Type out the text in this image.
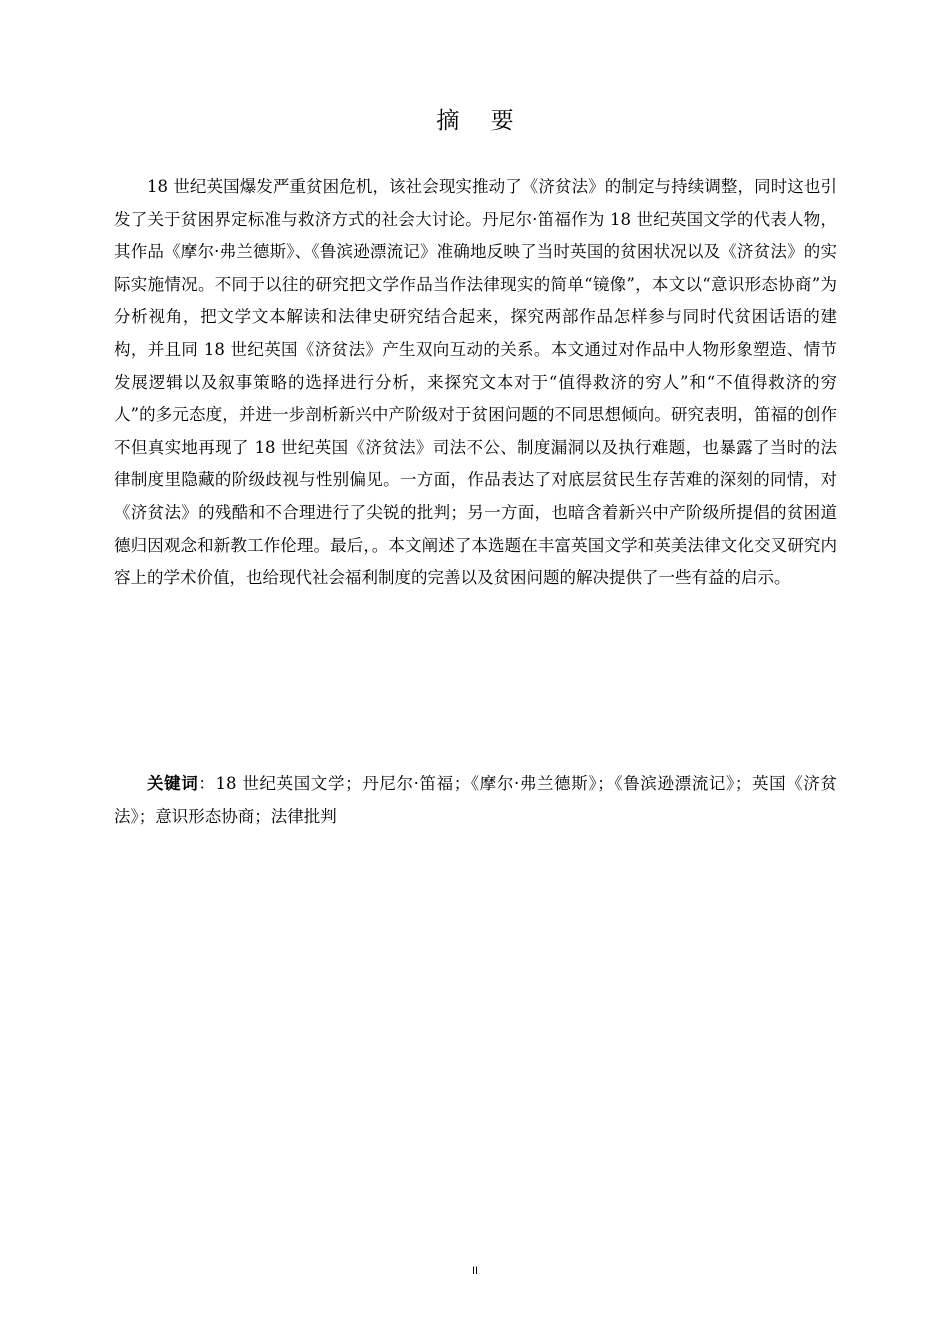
摘 要

18 世纪英国爆发严重贫困危机，该社会现实推动了《济贫法》的制定与持续调整，同时这也引发了关于贫困界定标准与救济方式的社会大讨论。丹尼尔·笛福作为 18 世纪英国文学的代表人物，其作品《摩尔·弗兰德斯》、《鲁滨逊漂流记》准确地反映了当时英国的贫困状况以及《济贫法》的实际实施情况。不同于以往的研究把文学作品当作法律现实的简单“镜像”，本文以“意识形态协商”为分析视角，把文学文本解读和法律史研究结合起来，探究两部作品怎样参与同时代贫困话语的建构，并且同 18 世纪英国《济贫法》产生双向互动的关系。本文通过对作品中人物形象塑造、情节发展逻辑以及叙事策略的选择进行分析，来探究文本对于“值得救济的穷人”和“不值得救济的穷人”的多元态度，并进一步剖析新兴中产阶级对于贫困问题的不同思想倾向。研究表明，笛福的创作不但真实地再现了 18 世纪英国《济贫法》司法不公、制度漏洞以及执行难题，也暴露了当时的法律制度里隐藏的阶级歧视与性别偏见。一方面，作品表达了对底层贫民生存苦难的深刻的同情，对《济贫法》的残酷和不合理进行了尖锐的批判；另一方面，也暗含着新兴中产阶级所提倡的贫困道德归因观念和新教工作伦理。最后，。本文阐述了本选题在丰富英国文学和英美法律文化交叉研究内容上的学术价值，也给现代社会福利制度的完善以及贫困问题的解决提供了一些有益的启示。

关键词：18 世纪英国文学；丹尼尔·笛福；《摩尔·弗兰德斯》；《鲁滨逊漂流记》；英国《济贫法》；意识形态协商；法律批判

II
